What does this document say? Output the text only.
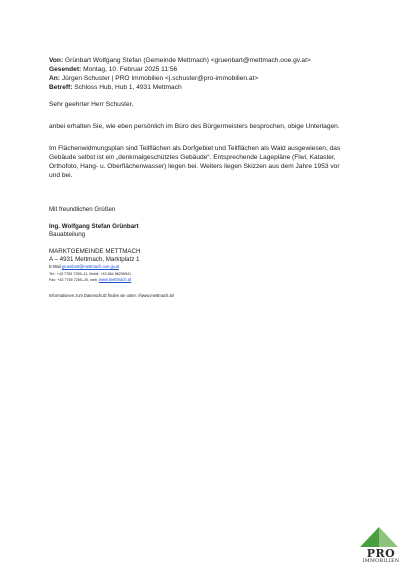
Von: Grünbart Wolfgang Stefan (Gemeinde Mettmach) <gruenbart@mettmach.ooe.gv.at>
Gesendet: Montag, 10. Februar 2025 11:56
An: Jürgen Schuster | PRO Immobilien <j.schuster@pro-immobilien.at>
Betreff: Schloss Hub, Hub 1, 4931 Mettmach
Sehr geehrter Herr Schuster,
anbei erhalten Sie, wie eben persönlich im Büro des Bürgermeisters besprochen, obige Unterlagen.
Im Flächenwidmungsplan sind Teilflächen als Dorfgebiet und Teilflächen als Wald ausgewiesen, das
Gebäude selbst ist ein „denkmalgeschütztes Gebäude“. Entsprechende Lagepläne (Flwi, Kataster,
Orthofoto, Hang- u. Oberflächenwasser) liegen bei. Weiters liegen Skizzen aus dem Jahre 1953 vor
und bei.
Mit freundlichen Grüßen
Ing. Wolfgang Stefan Grünbart
Bauabteilung
MARKTGEMEINDE METTMACH
A – 4931 Mettmach, Marktplatz 1
E-Mail gruenbart@mettmach.ooe.gv.at
Tel.: +43 7755 7255–11, Mobil: +43 664 88295941
Fax: +43 7755 7255–20, web: www.mettmach.at
Informationen zum Datenschutz finden sie unter: //www.mettmach.at/
PRO
IMMOBILIEN
